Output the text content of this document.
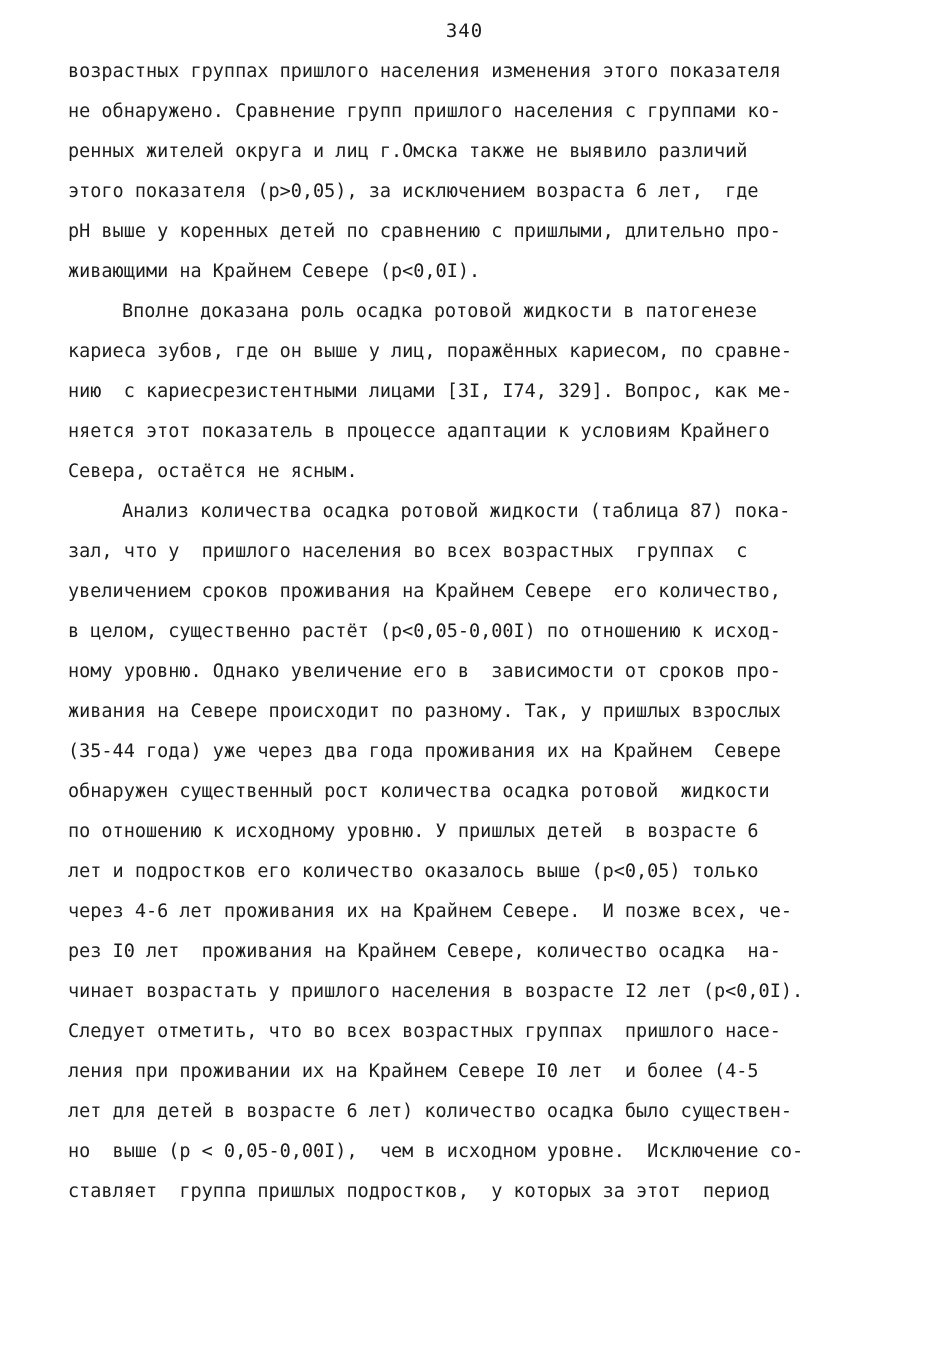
340
возрастных группах пришлого населения изменения этого показателя
не обнаружено. Сравнение групп пришлого населения с группами ко-
ренных жителей округа и лиц г.Омска также не выявило различий
этого показателя (p>0,05), за исключением возраста 6 лет,  где
pH выше у коренных детей по сравнению с пришлыми, длительно про-
живающими на Крайнем Севере (p<0,0I).
Вполне доказана роль осадка ротовой жидкости в патогенезе
кариеса зубов, где он выше у лиц, поражённых кариесом, по сравне-
нию  с кариесрезистентными лицами [3I, I74, 329]. Вопрос, как ме-
няется этот показатель в процессе адаптации к условиям Крайнего
Севера, остаётся не ясным.
Анализ количества осадка ротовой жидкости (таблица 87) пока-
зал, что у  пришлого населения во всех возрастных  группах  с
увеличением сроков проживания на Крайнем Севере  его количество,
в целом, существенно растёт (p<0,05-0,00I) по отношению к исход-
ному уровню. Однако увеличение его в  зависимости от сроков про-
живания на Севере происходит по разному. Так, у пришлых взрослых
(35-44 года) уже через два года проживания их на Крайнем  Севере
обнаружен существенный рост количества осадка ротовой  жидкости
по отношению к исходному уровню. У пришлых детей  в возрасте 6
лет и подростков его количество оказалось выше (p<0,05) только
через 4-6 лет проживания их на Крайнем Севере.  И позже всех, че-
рез I0 лет  проживания на Крайнем Севере, количество осадка  на-
чинает возрастать у пришлого населения в возрасте I2 лет (p<0,0I).
Следует отметить, что во всех возрастных группах  пришлого насе-
ления при проживании их на Крайнем Севере I0 лет  и более (4-5
лет для детей в возрасте 6 лет) количество осадка было существен-
но  выше (p < 0,05-0,00I),  чем в исходном уровне.  Исключение со-
ставляет  группа пришлых подростков,  у которых за этот  период
